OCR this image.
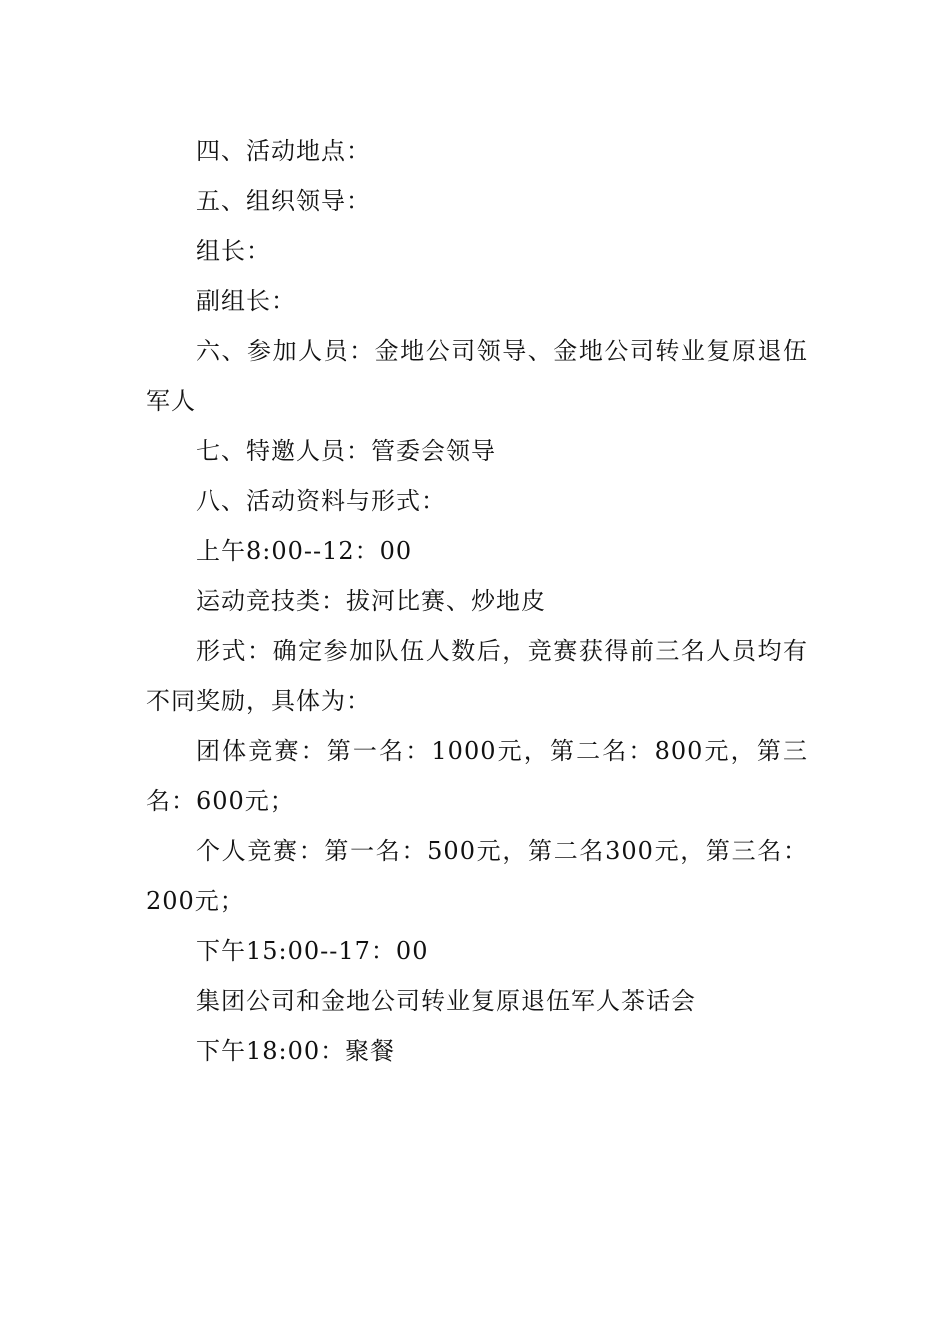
四、活动地点：

五、组织领导：

组长：

副组长：

六、参加人员：金地公司领导、金地公司转业复原退伍军人

七、特邀人员：管委会领导

八、活动资料与形式：

上午8:00--12：00

运动竞技类：拔河比赛、炒地皮

形式：确定参加队伍人数后，竞赛获得前三名人员均有不同奖励，具体为：

团体竞赛：第一名：1000元，第二名：800元，第三名：600元；

个人竞赛：第一名：500元，第二名300元，第三名：200元；

下午15:00--17：00

集团公司和金地公司转业复原退伍军人茶话会

下午18:00：聚餐
